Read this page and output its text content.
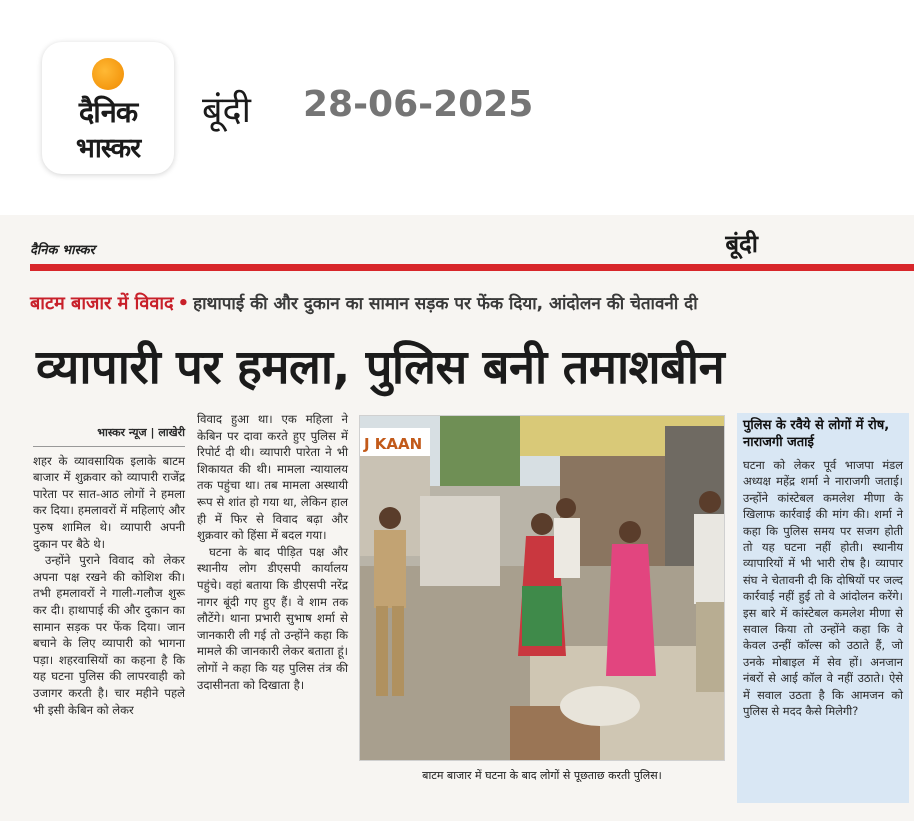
दैनिक
भास्कर
बूंदी 28-06-2025
दैनिक भास्कर	बूंदी
बाटम बाजार में विवाद • हाथापाई की और दुकान का सामान सड़क पर फेंक दिया, आंदोलन की चेतावनी दी
व्यापारी पर हमला, पुलिस बनी तमाशबीन
भास्कर न्यूज | लाखेरी

शहर के व्यावसायिक इलाके बाटम बाजार में शुक्रवार को व्यापारी राजेंद्र पारेता पर सात-आठ लोगों ने हमला कर दिया। हमलावरों में महिलाएं और पुरुष शामिल थे। व्यापारी अपनी दुकान पर बैठे थे।

उन्होंने पुराने विवाद को लेकर अपना पक्ष रखने की कोशिश की। तभी हमलावरों ने गाली-गलौज शुरू कर दी। हाथापाई की और दुकान का सामान सड़क पर फेंक दिया। जान बचाने के लिए व्यापारी को भागना पड़ा। शहरवासियों का कहना है कि यह घटना पुलिस की लापरवाही को उजागर करती है। चार महीने पहले भी इसी केबिन को लेकर

विवाद हुआ था। एक महिला ने केबिन पर दावा करते हुए पुलिस में रिपोर्ट दी थी। व्यापारी पारेता ने भी शिकायत की थी। मामला न्यायालय तक पहुंचा था। तब मामला अस्थायी रूप से शांत हो गया था, लेकिन हाल ही में फिर से विवाद बढ़ा और शुक्रवार को हिंसा में बदल गया।

घटना के बाद पीड़ित पक्ष और स्थानीय लोग डीएसपी कार्यालय पहुंचे। वहां बताया कि डीएसपी नरेंद्र नागर बूंदी गए हुए हैं। वे शाम तक लौटेंगे। थाना प्रभारी सुभाष शर्मा से जानकारी ली गई तो उन्होंने कहा कि मामले की जानकारी लेकर बताता हूं। लोगों ने कहा कि यह पुलिस तंत्र की उदासीनता को दिखाता है।

J KAAN
बाटम बाजार में घटना के बाद लोगों से पूछताछ करती पुलिस।
पुलिस के रवैये से लोगों में रोष, नाराजगी जताई
घटना को लेकर पूर्व भाजपा मंडल अध्यक्ष महेंद्र शर्मा ने नाराजगी जताई। उन्होंने कांस्टेबल कमलेश मीणा के खिलाफ कार्रवाई की मांग की। शर्मा ने कहा कि पुलिस समय पर सजग होती तो यह घटना नहीं होती। स्थानीय व्यापारियों में भी भारी रोष है। व्यापार संघ ने चेतावनी दी कि दोषियों पर जल्द कार्रवाई नहीं हुई तो वे आंदोलन करेंगे। इस बारे में कांस्टेबल कमलेश मीणा से सवाल किया तो उन्होंने कहा कि वे केवल उन्हीं कॉल्स को उठाते हैं, जो उनके मोबाइल में सेव हों। अनजान नंबरों से आई कॉल वे नहीं उठाते। ऐसे में सवाल उठता है कि आमजन को पुलिस से मदद कैसे मिलेगी?
